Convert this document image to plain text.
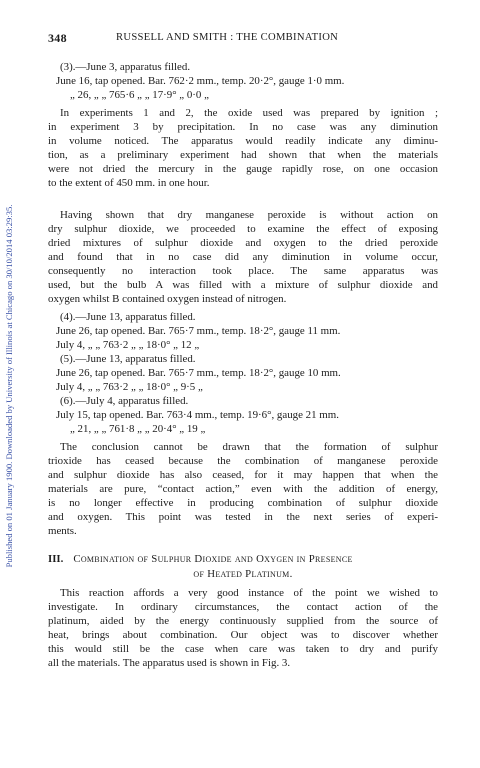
Published on 01 January 1900. Downloaded by University of Illinois at Chicago on 30/10/2014 03:29:35.
348	RUSSELL AND SMITH : THE COMBINATION
(3).—June 3, apparatus filled.
June 16, tap opened. Bar. 762·2 mm., temp. 20·2°, gauge 1·0 mm.
„ 26, „ „ 765·6 „ „ 17·9° „ 0·0 „
In experiments 1 and 2, the oxide used was prepared by ignition ;
in experiment 3 by precipitation. In no case was any diminution
in volume noticed. The apparatus would readily indicate any diminu-
tion, as a preliminary experiment had shown that when the materials
were not dried the mercury in the gauge rapidly rose, on one occasion
to the extent of 450 mm. in one hour.
Having shown that dry manganese peroxide is without action on
dry sulphur dioxide, we proceeded to examine the effect of exposing
dried mixtures of sulphur dioxide and oxygen to the dried peroxide
and found that in no case did any diminution in volume occur,
consequently no interaction took place. The same apparatus was
used, but the bulb A was filled with a mixture of sulphur dioxide and
oxygen whilst B contained oxygen instead of nitrogen.
(4).—June 13, apparatus filled.
June 26, tap opened. Bar. 765·7 mm., temp. 18·2°, gauge 11 mm.
July 4, „ „ 763·2 „ „ 18·0° „ 12 „
(5).—June 13, apparatus filled.
June 26, tap opened. Bar. 765·7 mm., temp. 18·2°, gauge 10 mm.
July 4, „ „ 763·2 „ „ 18·0° „ 9·5 „
(6).—July 4, apparatus filled.
July 15, tap opened. Bar. 763·4 mm., temp. 19·6°, gauge 21 mm.
„ 21, „ „ 761·8 „ „ 20·4° „ 19 „
The conclusion cannot be drawn that the formation of sulphur
trioxide has ceased because the combination of manganese peroxide
and sulphur dioxide has also ceased, for it may happen that when the
materials are pure, “contact action,” even with the addition of energy,
is no longer effective in producing combination of sulphur dioxide
and oxygen. This point was tested in the next series of experi-
ments.
III. Combination of Sulphur Dioxide and Oxygen in Presence
of Heated Platinum.
This reaction affords a very good instance of the point we wished to
investigate. In ordinary circumstances, the contact action of the
platinum, aided by the energy continuously supplied from the source of
heat, brings about combination. Our object was to discover whether
this would still be the case when care was taken to dry and purify
all the materials. The apparatus used is shown in Fig. 3.
